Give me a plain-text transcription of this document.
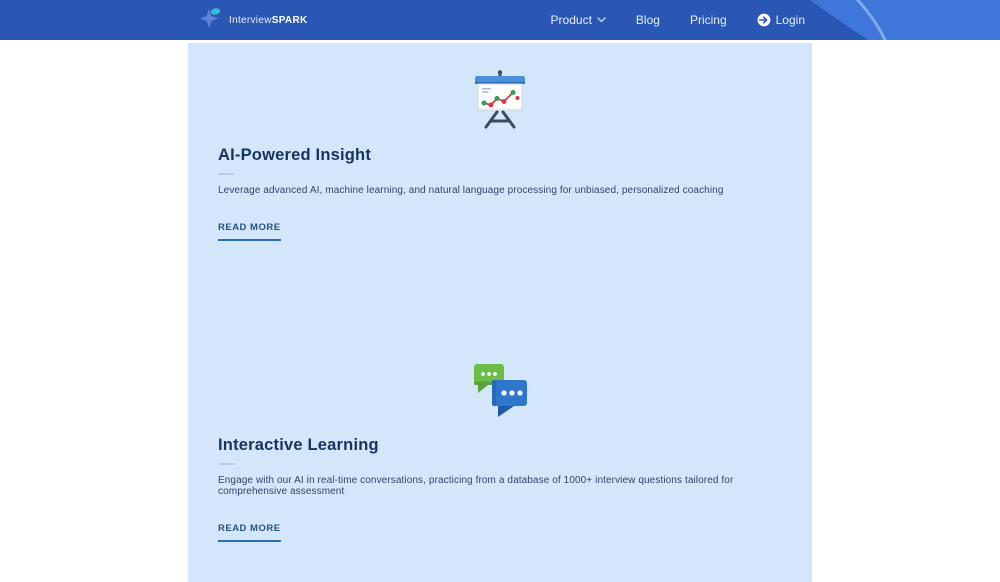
InterviewSPARK	Product	Blog	Pricing	Login
AI-Powered Insight

Leverage advanced AI, machine learning, and natural language processing for unbiased, personalized coaching

READ MORE
Interactive Learning

Engage with our AI in real-time conversations, practicing from a database of 1000+ interview questions tailored for comprehensive assessment

READ MORE
